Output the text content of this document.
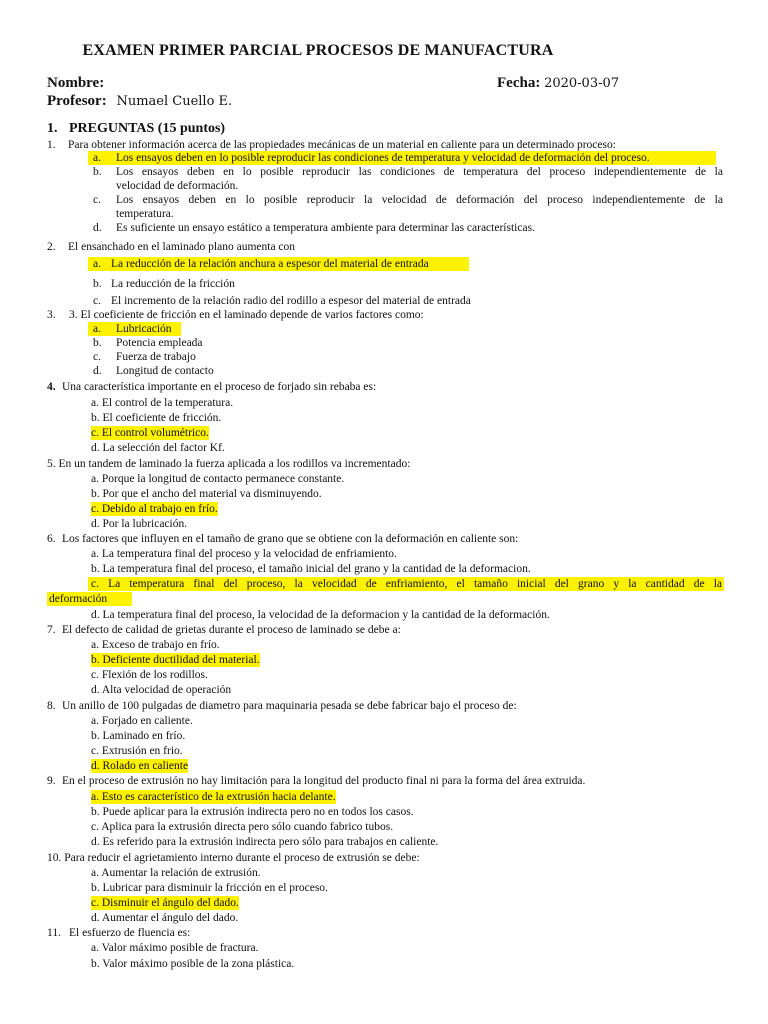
EXAMEN PRIMER PARCIAL PROCESOS DE MANUFACTURA
Nombre:	Fecha: 2020-03-07
Profesor: Numael Cuello E.
1. PREGUNTAS (15 puntos)
1. Para obtener información acerca de las propiedades mecánicas de un material en caliente para un determinado proceso:
a. Los ensayos deben en lo posible reproducir las condiciones de temperatura y velocidad de deformación del proceso.
b. Los ensayos deben en lo posible reproducir las condiciones de temperatura del proceso independientemente de la
velocidad de deformación.
c. Los ensayos deben en lo posible reproducir la velocidad de deformación del proceso independientemente de la
temperatura.
d. Es suficiente un ensayo estático a temperatura ambiente para determinar las características.
2. El ensanchado en el laminado plano aumenta con
a. La reducción de la relación anchura a espesor del material de entrada
b. La reducción de la fricción
c. El incremento de la relación radio del rodillo a espesor del material de entrada
3. 3. El coeficiente de fricción en el laminado depende de varios factores como:
a. Lubricación
b. Potencia empleada
c. Fuerza de trabajo
d. Longitud de contacto
4. Una característica importante en el proceso de forjado sin rebaba es:
a. El control de la temperatura.
b. El coeficiente de fricción.
c. El control volumétrico.
d. La selección del factor Kf.
5. En un tandem de laminado la fuerza aplicada a los rodillos va incrementado:
a. Porque la longitud de contacto permanece constante.
b. Por que el ancho del material va disminuyendo.
c. Debido al trabajo en frío.
d. Por la lubricación.
6. Los factores que influyen en el tamaño de grano que se obtiene con la deformación en caliente son:
a. La temperatura final del proceso y la velocidad de enfriamiento.
b. La temperatura final del proceso, el tamaño inicial del grano y la cantidad de la deformacion.
c. La temperatura final del proceso, la velocidad de enfriamiento, el tamaño inicial del grano y la cantidad de la
deformación
d. La temperatura final del proceso, la velocidad de la deformacion y la cantidad de la deformación.
7. El defecto de calidad de grietas durante el proceso de laminado se debe a:
a. Exceso de trabajo en frío.
b. Deficiente ductilidad del material.
c. Flexión de los rodillos.
d. Alta velocidad de operación
8. Un anillo de 100 pulgadas de diametro para maquinaria pesada se debe fabricar bajo el proceso de:
a. Forjado en caliente.
b. Laminado en frío.
c. Extrusión en frio.
d. Rolado en caliente
9. En el proceso de extrusión no hay limitación para la longitud del producto final ni para la forma del área extruida.
a. Esto es característico de la extrusión hacia delante.
b. Puede aplicar para la extrusión indirecta pero no en todos los casos.
c. Aplica para la extrusión directa pero sólo cuando fabrico tubos.
d. Es referido para la extrusión indirecta pero sólo para trabajos en caliente.
10. Para reducir el agrietamiento interno durante el proceso de extrusión se debe:
a. Aumentar la relación de extrusión.
b. Lubricar para disminuir la fricción en el proceso.
c. Disminuir el ángulo del dado.
d. Aumentar el ángulo del dado.
11. El esfuerzo de fluencia es:
a. Valor máximo posible de fractura.
b. Valor máximo posible de la zona plástica.
